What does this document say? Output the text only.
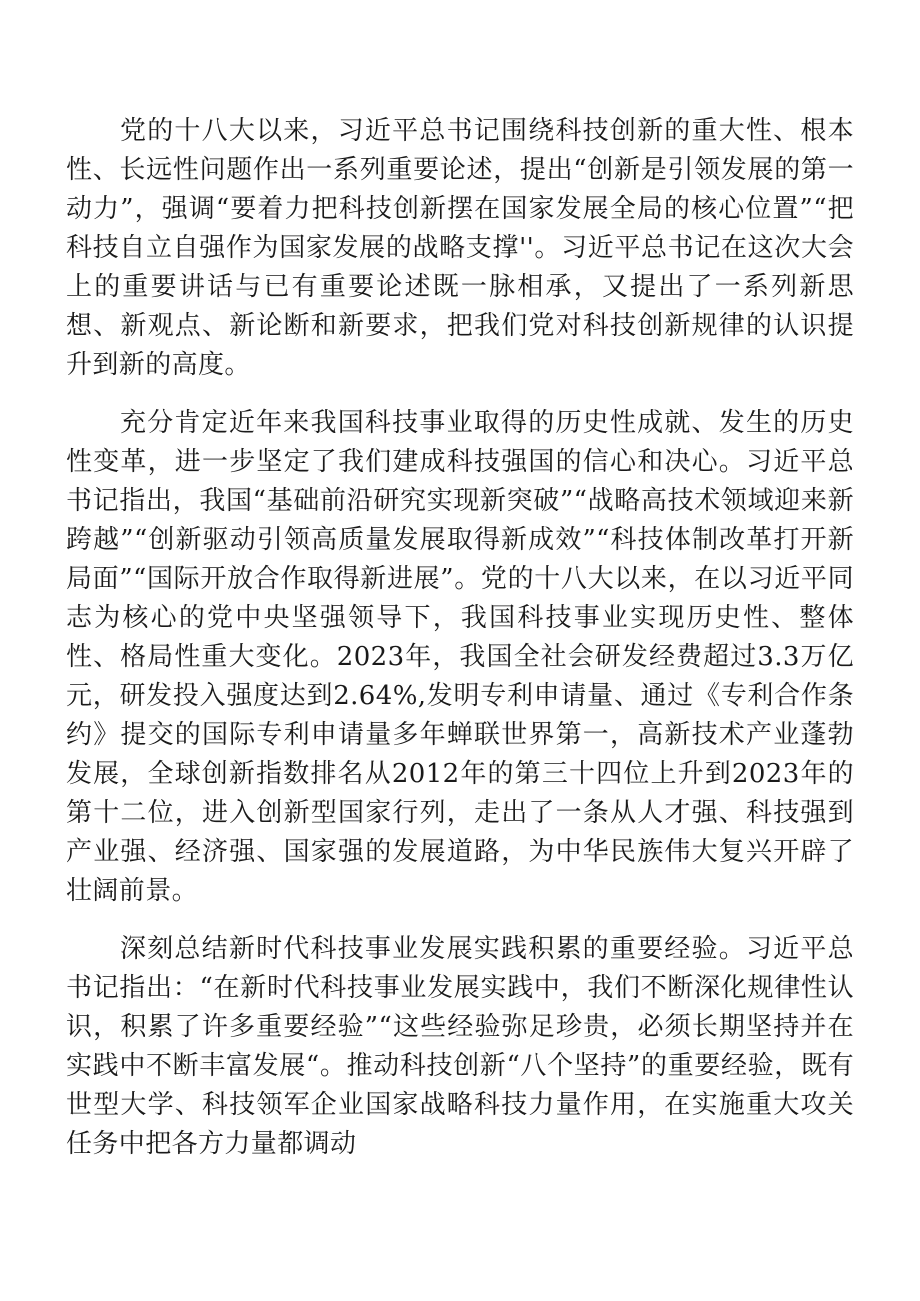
党的十八大以来，习近平总书记围绕科技创新的重大性、根本性、长远性问题作出一系列重要论述，提出“创新是引领发展的第一动力”，强调“要着力把科技创新摆在国家发展全局的核心位置”“把科技自立自强作为国家发展的战略支撑''。习近平总书记在这次大会上的重要讲话与已有重要论述既一脉相承，又提出了一系列新思想、新观点、新论断和新要求，把我们党对科技创新规律的认识提升到新的高度。

充分肯定近年来我国科技事业取得的历史性成就、发生的历史性变革，进一步坚定了我们建成科技强国的信心和决心。习近平总书记指出，我国“基础前沿研究实现新突破”“战略高技术领域迎来新跨越”“创新驱动引领高质量发展取得新成效”“科技体制改革打开新局面”“国际开放合作取得新进展”。党的十八大以来，在以习近平同志为核心的党中央坚强领导下，我国科技事业实现历史性、整体性、格局性重大变化。2023年，我国全社会研发经费超过3.3万亿元，研发投入强度达到2.64%,发明专利申请量、通过《专利合作条约》提交的国际专利申请量多年蝉联世界第一，高新技术产业蓬勃发展，全球创新指数排名从2012年的第三十四位上升到2023年的第十二位，进入创新型国家行列，走出了一条从人才强、科技强到产业强、经济强、国家强的发展道路，为中华民族伟大复兴开辟了壮阔前景。

深刻总结新时代科技事业发展实践积累的重要经验。习近平总书记指出：“在新时代科技事业发展实践中，我们不断深化规律性认识，积累了许多重要经验”“这些经验弥足珍贵，必须长期坚持并在实践中不断丰富发展“。推动科技创新“八个坚持”的重要经验，既有世型大学、科技领军企业国家战略科技力量作用，在实施重大攻关任务中把各方力量都调动
